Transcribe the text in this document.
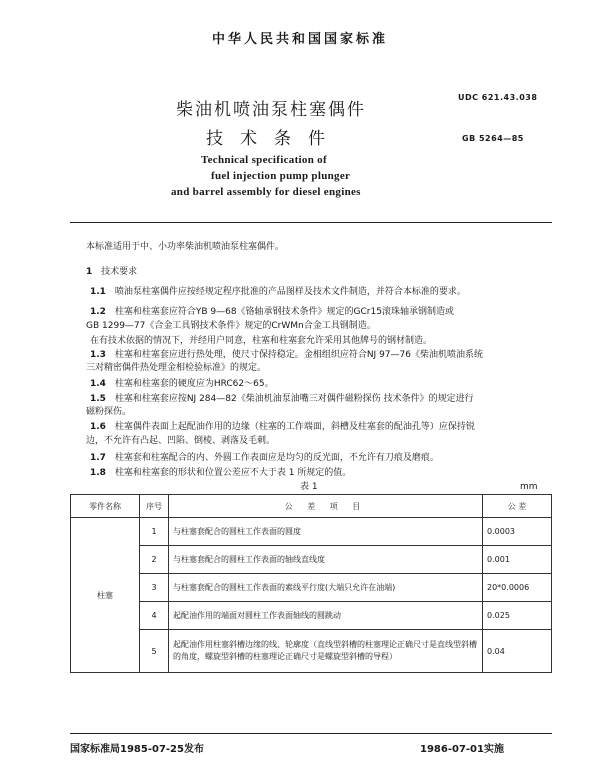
中华人民共和国国家标准
UDC 621.43.038
柴油机喷油泵柱塞偶件
技术条件	GB 5264—85
Technical specification of
fuel injection pump plunger
and barrel assembly for diesel engines
本标准适用于中、小功率柴油机喷油泵柱塞偶件。
1 技术要求
1.1 喷油泵柱塞偶件应按经规定程序批准的产品图样及技术文件制造，并符合本标准的要求。
1.2 柱塞和柱塞套应符合YB 9—68《铬轴承钢技术条件》规定的GCr15滚珠轴承钢制造或
GB 1299—77《合金工具钢技术条件》规定的CrWMn合金工具钢制造。
在有技术依据的情况下，并经用户同意，柱塞和柱塞套允许采用其他牌号的钢材制造。
1.3 柱塞和柱塞套应进行热处理，使尺寸保持稳定。金相组织应符合NJ 97—76《柴油机喷油系统
三对精密偶件热处理金相检验标准》的规定。
1.4 柱塞和柱塞套的硬度应为HRC62～65。
1.5 柱塞和柱塞套应按NJ 284—82《柴油机油泵油嘴三对偶件磁粉探伤 技术条件》的规定进行
磁粉探伤。
1.6 柱塞偶件表面上起配油作用的边缘（柱塞的工作端面，斜槽及柱塞套的配油孔等）应保持锐
边，不允许有凸起、凹陷、倒棱、剥落及毛刺。
1.7 柱塞套和柱塞配合的内、外圆工作表面应是均匀的反光面，不允许有刀痕及磨痕。
1.8 柱塞和柱塞套的形状和位置公差应不大于表 1 所规定的值。
表 1	mm
零件名称	序号	公 差 项 目	公 差
柱塞	1	与柱塞套配合的圆柱工作表面的圆度	0.0003
	2	与柱塞套配合的圆柱工作表面的轴线直线度	0.001
	3	与柱塞套配合的圆柱工作表面的素线平行度(大端只允许在油端)	20*0.0006
	4	起配油作用的端面对圆柱工作表面轴线的圆跳动	0.025
	5	起配油作用柱塞斜槽边缘的线、轮廓度（直线型斜槽的柱塞理论正确尺寸是直线型斜槽的角度，螺旋型斜槽的柱塞理论正确尺寸是螺旋型斜槽的导程）	0.04
国家标准局1985-07-25发布	1986-07-01实施
